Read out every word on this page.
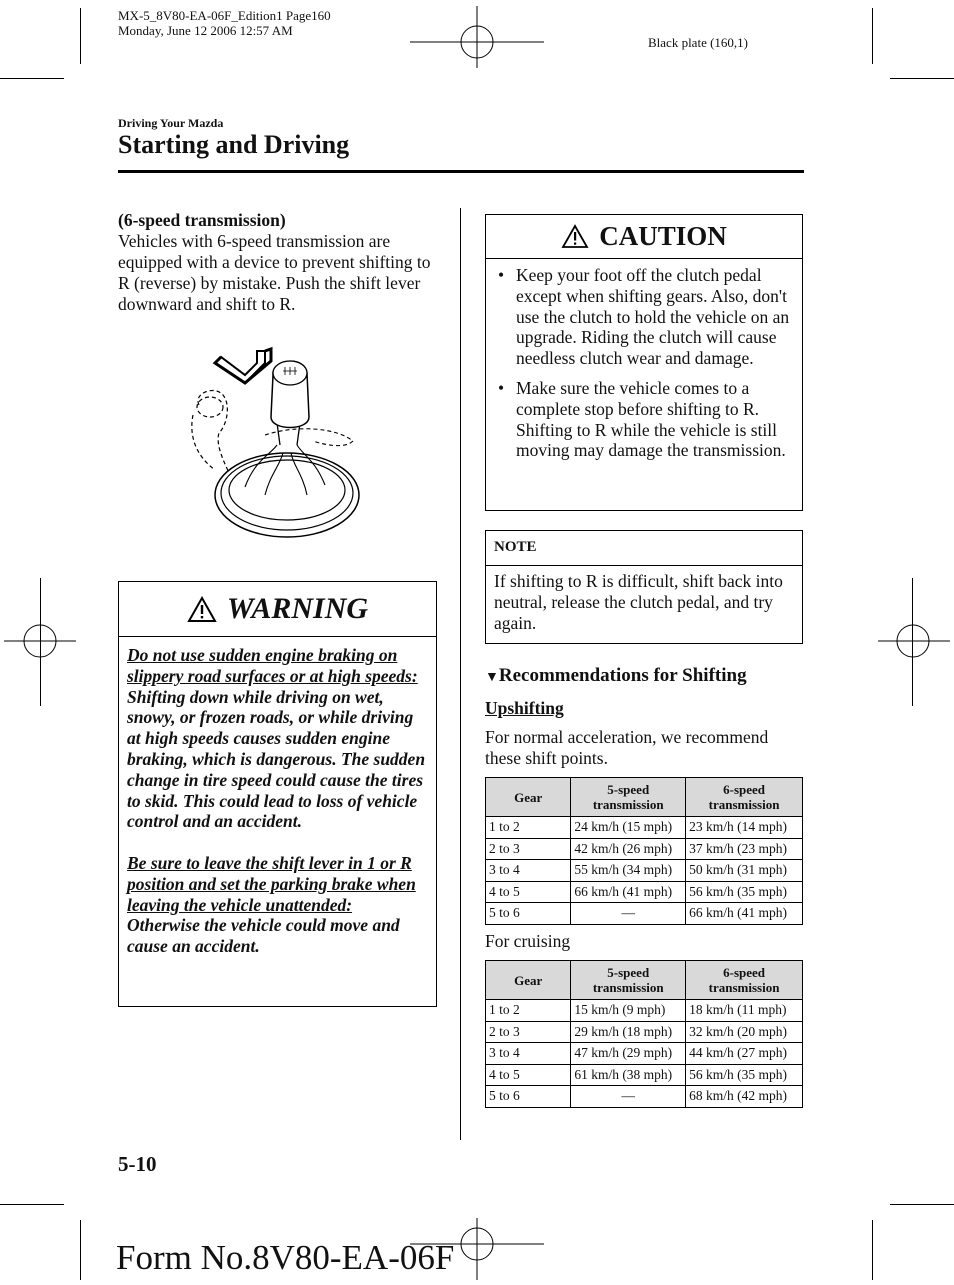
MX-5_8V80-EA-06F_Edition1 Page160
Monday, June 12 2006 12:57 AM
Black plate (160,1)
Driving Your Mazda
Starting and Driving
(6-speed transmission)
Vehicles with 6-speed transmission are equipped with a device to prevent shifting to R (reverse) by mistake. Push the shift lever downward and shift to R.
WARNING
Do not use sudden engine braking on slippery road surfaces or at high speeds:
Shifting down while driving on wet, snowy, or frozen roads, or while driving at high speeds causes sudden engine braking, which is dangerous. The sudden change in tire speed could cause the tires to skid. This could lead to loss of vehicle control and an accident.
Be sure to leave the shift lever in 1 or R position and set the parking brake when leaving the vehicle unattended:
Otherwise the vehicle could move and cause an accident.
CAUTION
• Keep your foot off the clutch pedal except when shifting gears. Also, don't use the clutch to hold the vehicle on an upgrade. Riding the clutch will cause needless clutch wear and damage.
• Make sure the vehicle comes to a complete stop before shifting to R. Shifting to R while the vehicle is still moving may damage the transmission.
NOTE
If shifting to R is difficult, shift back into neutral, release the clutch pedal, and try again.
▼Recommendations for Shifting
Upshifting
For normal acceleration, we recommend these shift points.
Gear	5-speed transmission	6-speed transmission
1 to 2	24 km/h (15 mph)	23 km/h (14 mph)
2 to 3	42 km/h (26 mph)	37 km/h (23 mph)
3 to 4	55 km/h (34 mph)	50 km/h (31 mph)
4 to 5	66 km/h (41 mph)	56 km/h (35 mph)
5 to 6	—	66 km/h (41 mph)
For cruising
Gear	5-speed transmission	6-speed transmission
1 to 2	15 km/h (9 mph)	18 km/h (11 mph)
2 to 3	29 km/h (18 mph)	32 km/h (20 mph)
3 to 4	47 km/h (29 mph)	44 km/h (27 mph)
4 to 5	61 km/h (38 mph)	56 km/h (35 mph)
5 to 6	—	68 km/h (42 mph)
5-10
Form No.8V80-EA-06F
